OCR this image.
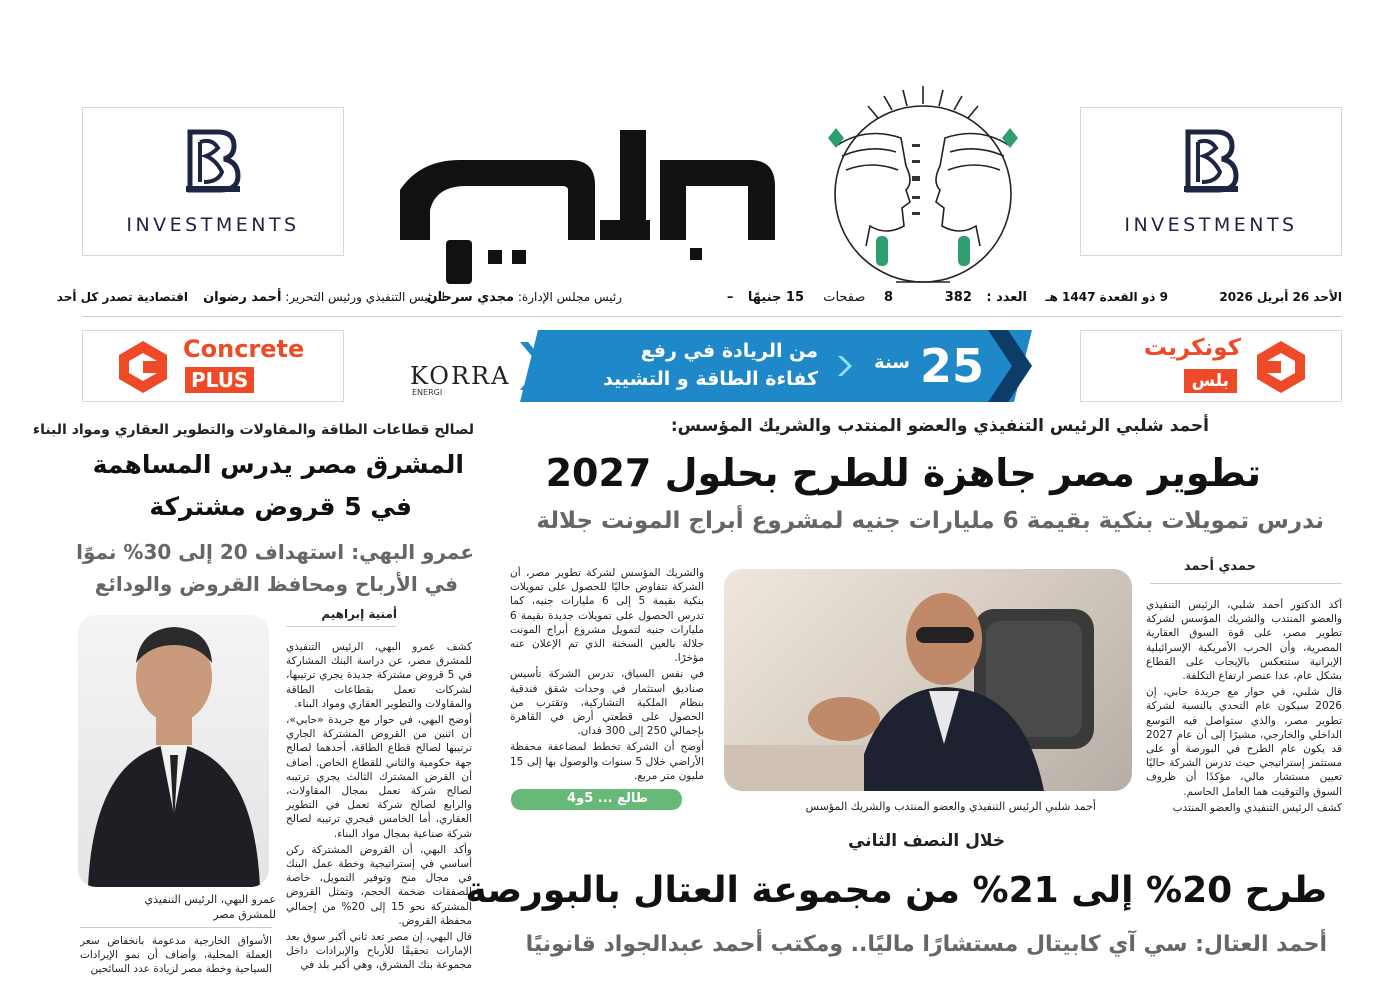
INVESTMENTS	INVESTMENTS
الأحد 26 أبريل 2026
9 ذو القعدة 1447 هـ
العدد : 382
8 صفحات
15 جنيهًا –
رئيس مجلس الإدارة: مجدي سرحان
الرئيس التنفيذي ورئيس التحرير: أحمد رضوان
اقتصادية تصدر كل أحد
Concrete
PLUS
كونكريت
بلس
25
سنة
من الريادة في رفع
كفاءة الطاقة و التشييد
KORRA
ENERGI
أحمد شلبي الرئيس التنفيذي والعضو المنتدب والشريك المؤسس:
تطوير مصر جاهزة للطرح بحلول 2027
ندرس تمويلات بنكية بقيمة 6 مليارات جنيه لمشروع أبراج المونت جلالة
حمدي أحمد

أكد الدكتور أحمد شلبي، الرئيس التنفيذي والعضو المنتدب والشريك المؤسس لشركة تطوير مصر، على قوة السوق العقارية المصرية، وأن الحرب الأمريكية الإسرائيلية الإيرانية ستنعكس بالإيجاب على القطاع بشكل عام، عدا عنصر ارتفاع التكلفة.

قال شلبي، في حوار مع جريدة حابي، إن 2026 سيكون عام التحدي بالنسبة لشركة تطوير مصر، والذي ستواصل فيه التوسع الداخلي والخارجي، مشيرًا إلى أن عام 2027 قد يكون عام الطرح في البورصة أو على مستثمر إستراتيجي حيث تدرس الشركة حاليًا تعيين مستشار مالي، مؤكدًا أن ظروف السوق والتوقيت هما العامل الحاسم.

كشف الرئيس التنفيذي والعضو المنتدب

أحمد شلبي الرئيس التنفيذي والعضو المنتدب والشريك المؤسس

والشريك المؤسس لشركة تطوير مصر، أن الشركة تتفاوض حاليًا للحصول على تمويلات بنكية بقيمة 5 إلى 6 مليارات جنيه، كما تدرس الحصول على تمويلات جديدة بقيمة 6 مليارات جنيه لتمويل مشروع أبراج المونت جلالة بالعين السخنة الذي تم الإعلان عنه مؤخرًا.

في نفس السياق، تدرس الشركة تأسيس صناديق استثمار في وحدات شقق فندقية بنظام الملكية التشاركية، وتقترب من الحصول على قطعتي أرض في القاهرة بإجمالي 250 إلى 300 فدان.

أوضح أن الشركة تخطط لمضاعفة محفظة الأراضي خلال 5 سنوات والوصول بها إلى 15 مليون متر مربع.

طالع ... 5و4
لصالح قطاعات الطاقة والمقاولات والتطوير العقاري ومواد البناء
المشرق مصر يدرس المساهمة
في 5 قروض مشتركة
عمرو البهي: استهداف 20 إلى 30% نموًا
في الأرباح ومحافظ القروض والودائع
أمنية إبراهيم

كشف عمرو البهي، الرئيس التنفيذي للمشرق مصر، عن دراسة البنك المشاركة في 5 قروض مشتركة جديدة يجري ترتيبها، لشركات تعمل بقطاعات الطاقة والمقاولات والتطوير العقاري ومواد البناء.

أوضح البهي، في حوار مع جريدة «حابي»، أن اثنين من القروض المشتركة الجاري ترتيبها لصالح قطاع الطاقة، أحدهما لصالح جهة حكومية والثاني للقطاع الخاص. أضاف أن القرض المشترك الثالث يجري ترتيبه لصالح شركة تعمل بمجال المقاولات، والرابع لصالح شركة تعمل في التطوير العقاري، أما الخامس فيجري ترتيبه لصالح شركة صناعية بمجال مواد البناء.

وأكد البهي، أن القروض المشتركة ركن أساسي في إستراتيجية وخطة عمل البنك في مجال منح وتوفير التمويل، خاصة للصفقات ضخمة الحجم، وتمثل القروض المشتركة نحو 15 إلى 20% من إجمالي محفظة القروض.

قال البهي، إن مصر تعد ثاني أكبر سوق بعد الإمارات تحقيقًا للأرباح والإيرادات داخل مجموعة بنك المشرق، وهي أكبر بلد في

عمرو البهي، الرئيس التنفيذي
للمشرق مصر

الأسواق الخارجية مدعومة بانخفاض سعر العملة المحلية، وأضاف أن نمو الإيرادات السياحية وخطة مصر لزيادة عدد السائحين

خلال النصف الثاني
طرح 20% إلى 21% من مجموعة العتال بالبورصة
أحمد العتال: سي آي كابيتال مستشارًا ماليًا.. ومكتب أحمد عبدالجواد قانونيًا
